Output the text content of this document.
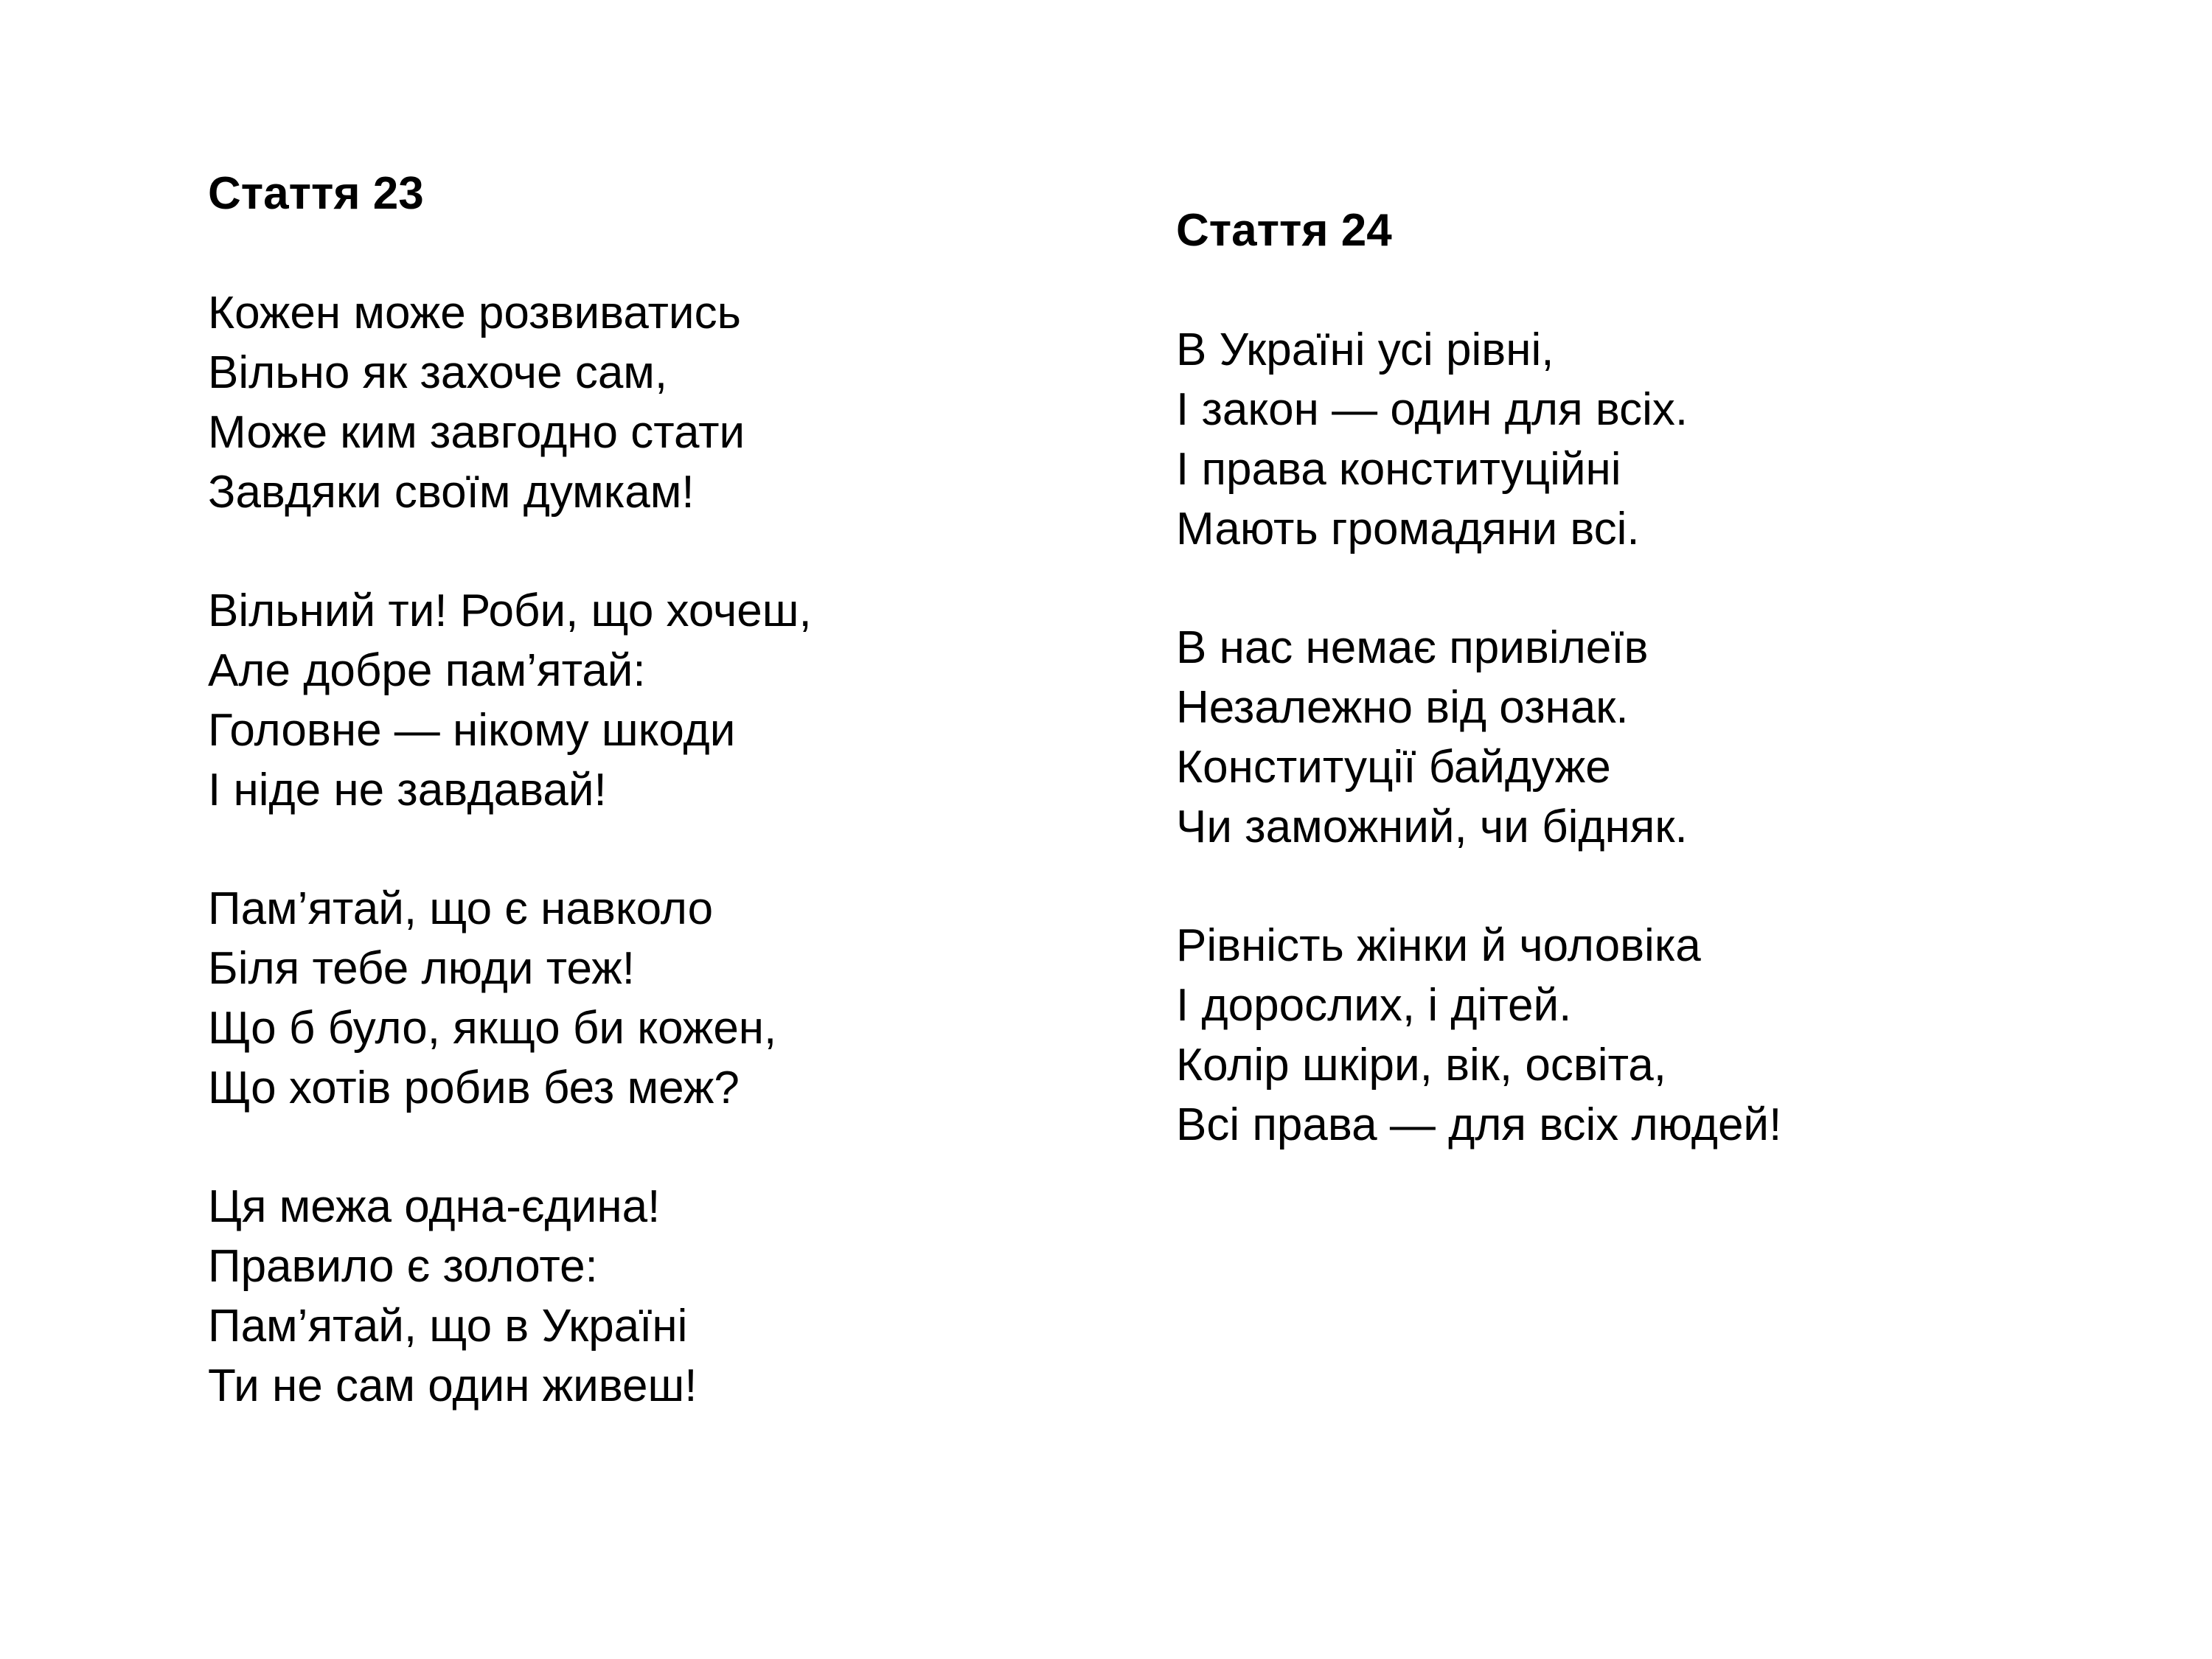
Стаття 23
Кожен може розвиватись
Вільно як захоче сам,
Може ким завгодно стати
Завдяки своїм думкам!
Вільний ти! Роби, що хочеш,
Але добре пам’ятай:
Головне — нікому шкоди
І ніде не завдавай!
Пам’ятай, що є навколо
Біля тебе люди теж!
Що б було, якщо би кожен,
Що хотів робив без меж?
Ця межа одна-єдина!
Правило є золоте:
Пам’ятай, що в Україні
Ти не сам один живеш!
Стаття 24
В Україні усі рівні,
І закон — один для всіх.
І права конституційні
Мають громадяни всі.
В нас немає привілеїв
Незалежно від ознак.
Конституції байдуже
Чи заможний, чи бідняк.
Рівність жінки й чоловіка
І дорослих, і дітей.
Колір шкіри, вік, освіта,
Всі права — для всіх людей!
